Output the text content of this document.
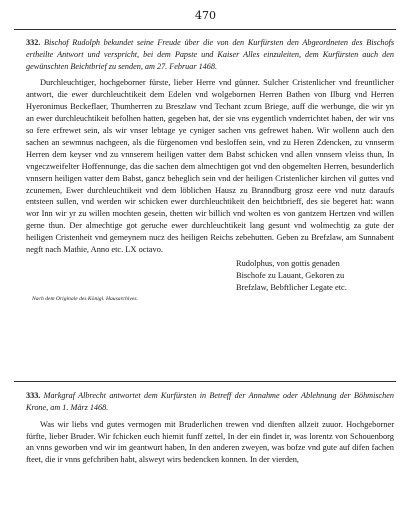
470
332. Bischof Rudolph bekundet seine Freude über die von den Kurfürsten den Abgeordneten des Bischofs ertheilte Antwort und verspricht, bei dem Papste und Kaiser Alles einzuleiten, dem Kurfürsten auch den gewünschten Beichtbrief zu senden, am 27. Februar 1468.

Durchleuchtiger, hochgeborner fürste, lieber Herre vnd günner. Sulcher Cristenlicher vnd freuntlicher antwort, die ewer durchleuchtikeit dem Edelen vnd wolgebornen Herren Bathen von Ilburg vnd Herren Hyeronimus Beckeflaer, Thumherren zu Breszlaw vnd Techant zcum Briege, auff die werbunge, die wir yn an ewer durchleuchtikeit befolhen hatten, gegeben hat, der sie vns eygentlich vnderrichtet haben, der wir vns so fere erfrewet sein, als wir vnser lebtage ye cyniger sachen vns gefrewet haben. Wir wollenn auch den sachen an sewmnus nachgeen, als die fürgenomen vnd besloffen sein, vnd zu Heren Zdencken, zu vnnserm Herren dem keyser vnd zu vnnserem heiligen vatter dem Babst schicken vnd allen vnnsern vleiss thun, In vngeczweifelter Hoffennunge, das die sachen dem almechtigen got vnd den obgemelten Herren, besunderlich vnnsern heiligen vatter dem Babst, gancz beheglich sein vnd der heiligen Cristenlicher kirchen vil guttes vnd zcunemen, Ewer durchleuchtikeit vnd dem löblichen Hausz zu Branndburg grosz eere vnd nutz daraufs entsteen sullen, vnd werden wir schicken ewer durchleuchtikeit den beichtbrieff, des sie begeret hat: wann wor Inn wir yr zu willen mochten gesein, thetten wir billich vnd wolten es von gantzem Hertzen vnd willen gerne thun. Der almechtige got geruche ewer durchleuchtikeit lang gesunt vnd wolmechtig za gute der heiligen Cristenheit vnd gemeynem nucz des heiligen Reichs zebehutten. Geben zu Brefzlaw, am Sunnabent negft nach Mathie, Anno etc. LX octavo.

Rudolphus, von gottis genaden
Bischofe zu Lauant, Gekoren zu
Brefzlaw, Bebftlicher Legate etc.
Nach dem Originale des Königl. Hausarchives.
333. Markgraf Albrecht antwortet dem Kurfürsten in Betreff der Annahme oder Ablehnung der Böhmischen Krone, am 1. März 1468.

Was wir liebs vnd gutes vermogen mit Bruderlichen trewen vnd dienften allzeit zuuor. Hochgeborner fürfte, lieber Bruder. Wir fchicken euch hiemit funff zettel, In der ein findet ir, was lorentz von Schouenborg an vnns geworben vnd wir im geantwurt haben, In den anderen zweyen, was bofze vnd gute auf difen fachen fteet, die ir vnns gefchriben habt, alsweyt wirs bedencken konnen. In der vierden,
